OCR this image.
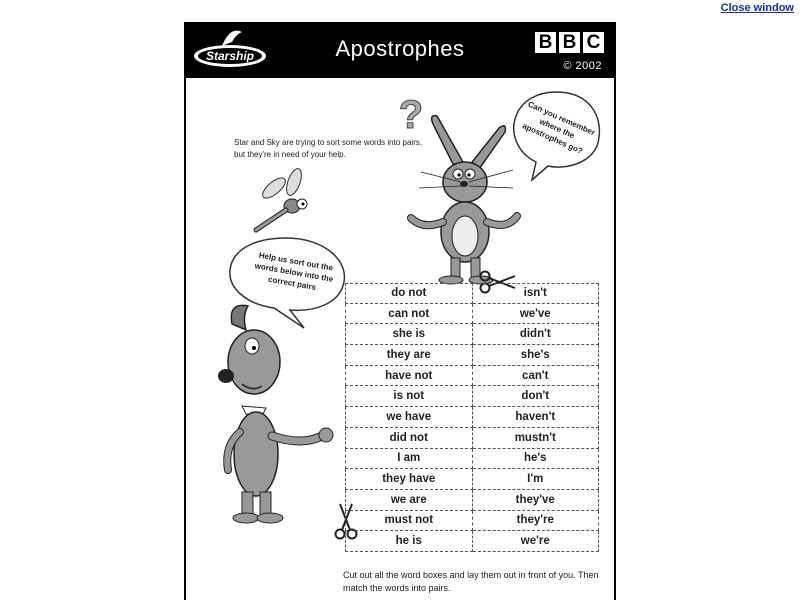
Close window
Starship	Apostrophes	B B C
© 2002
Can you remember where the apostrophes go?
Star and Sky are trying to sort some words into pairs, but they're in need of your help.
?
Help us sort out the words below into the correct pairs
do not	isn't
can not	we've
she is	didn't
they are	she's
have not	can't
is not	don't
we have	haven't
did not	mustn't
I am	he's
they have	I'm
we are	they've
must not	they're
he is	we're
Cut out all the word boxes and lay them out in front of you. Then match the words into pairs.
